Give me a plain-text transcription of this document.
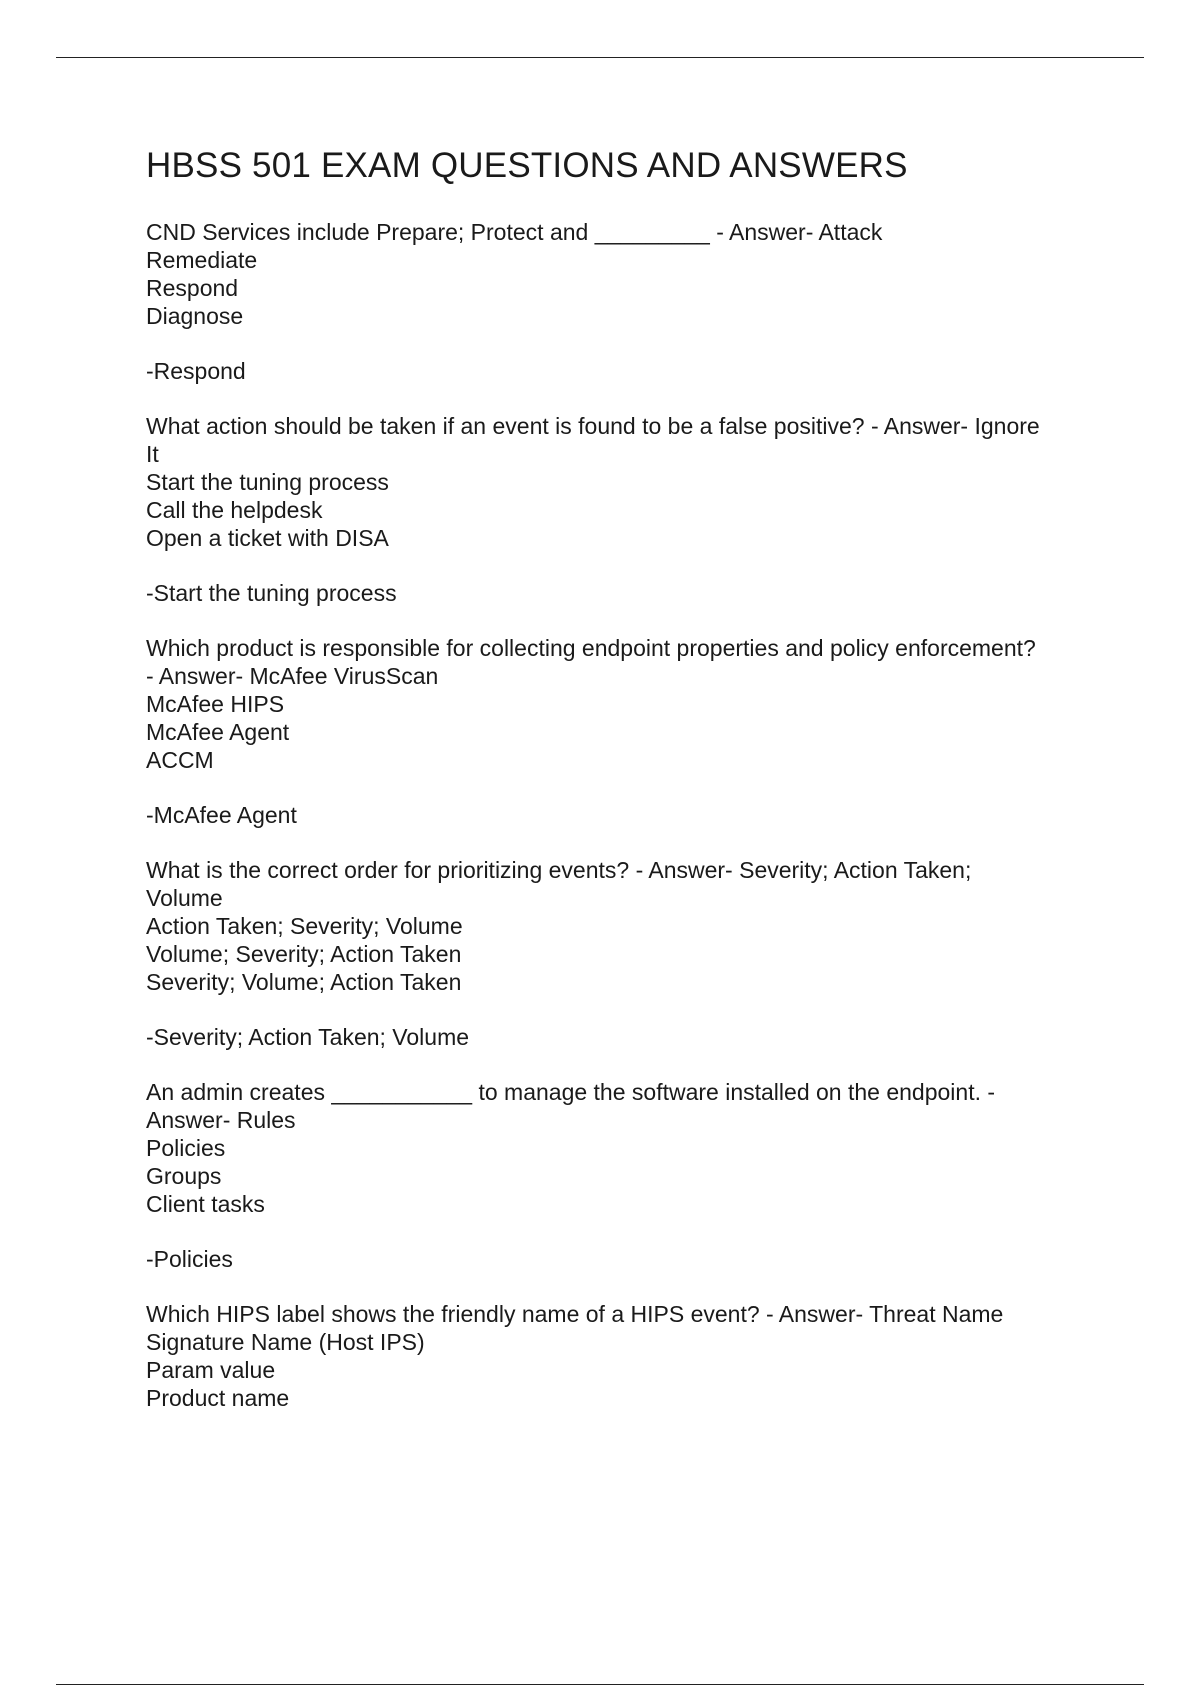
HBSS 501 EXAM QUESTIONS AND ANSWERS
CND Services include Prepare; Protect and _________ - Answer- Attack
Remediate
Respond
Diagnose
-Respond
What action should be taken if an event is found to be a false positive? - Answer- Ignore
It
Start the tuning process
Call the helpdesk
Open a ticket with DISA
-Start the tuning process
Which product is responsible for collecting endpoint properties and policy enforcement?
- Answer- McAfee VirusScan
McAfee HIPS
McAfee Agent
ACCM
-McAfee Agent
What is the correct order for prioritizing events? - Answer- Severity; Action Taken;
Volume
Action Taken; Severity; Volume
Volume; Severity; Action Taken
Severity; Volume; Action Taken
-Severity; Action Taken; Volume
An admin creates ___________ to manage the software installed on the endpoint. -
Answer- Rules
Policies
Groups
Client tasks
-Policies
Which HIPS label shows the friendly name of a HIPS event? - Answer- Threat Name
Signature Name (Host IPS)
Param value
Product name
